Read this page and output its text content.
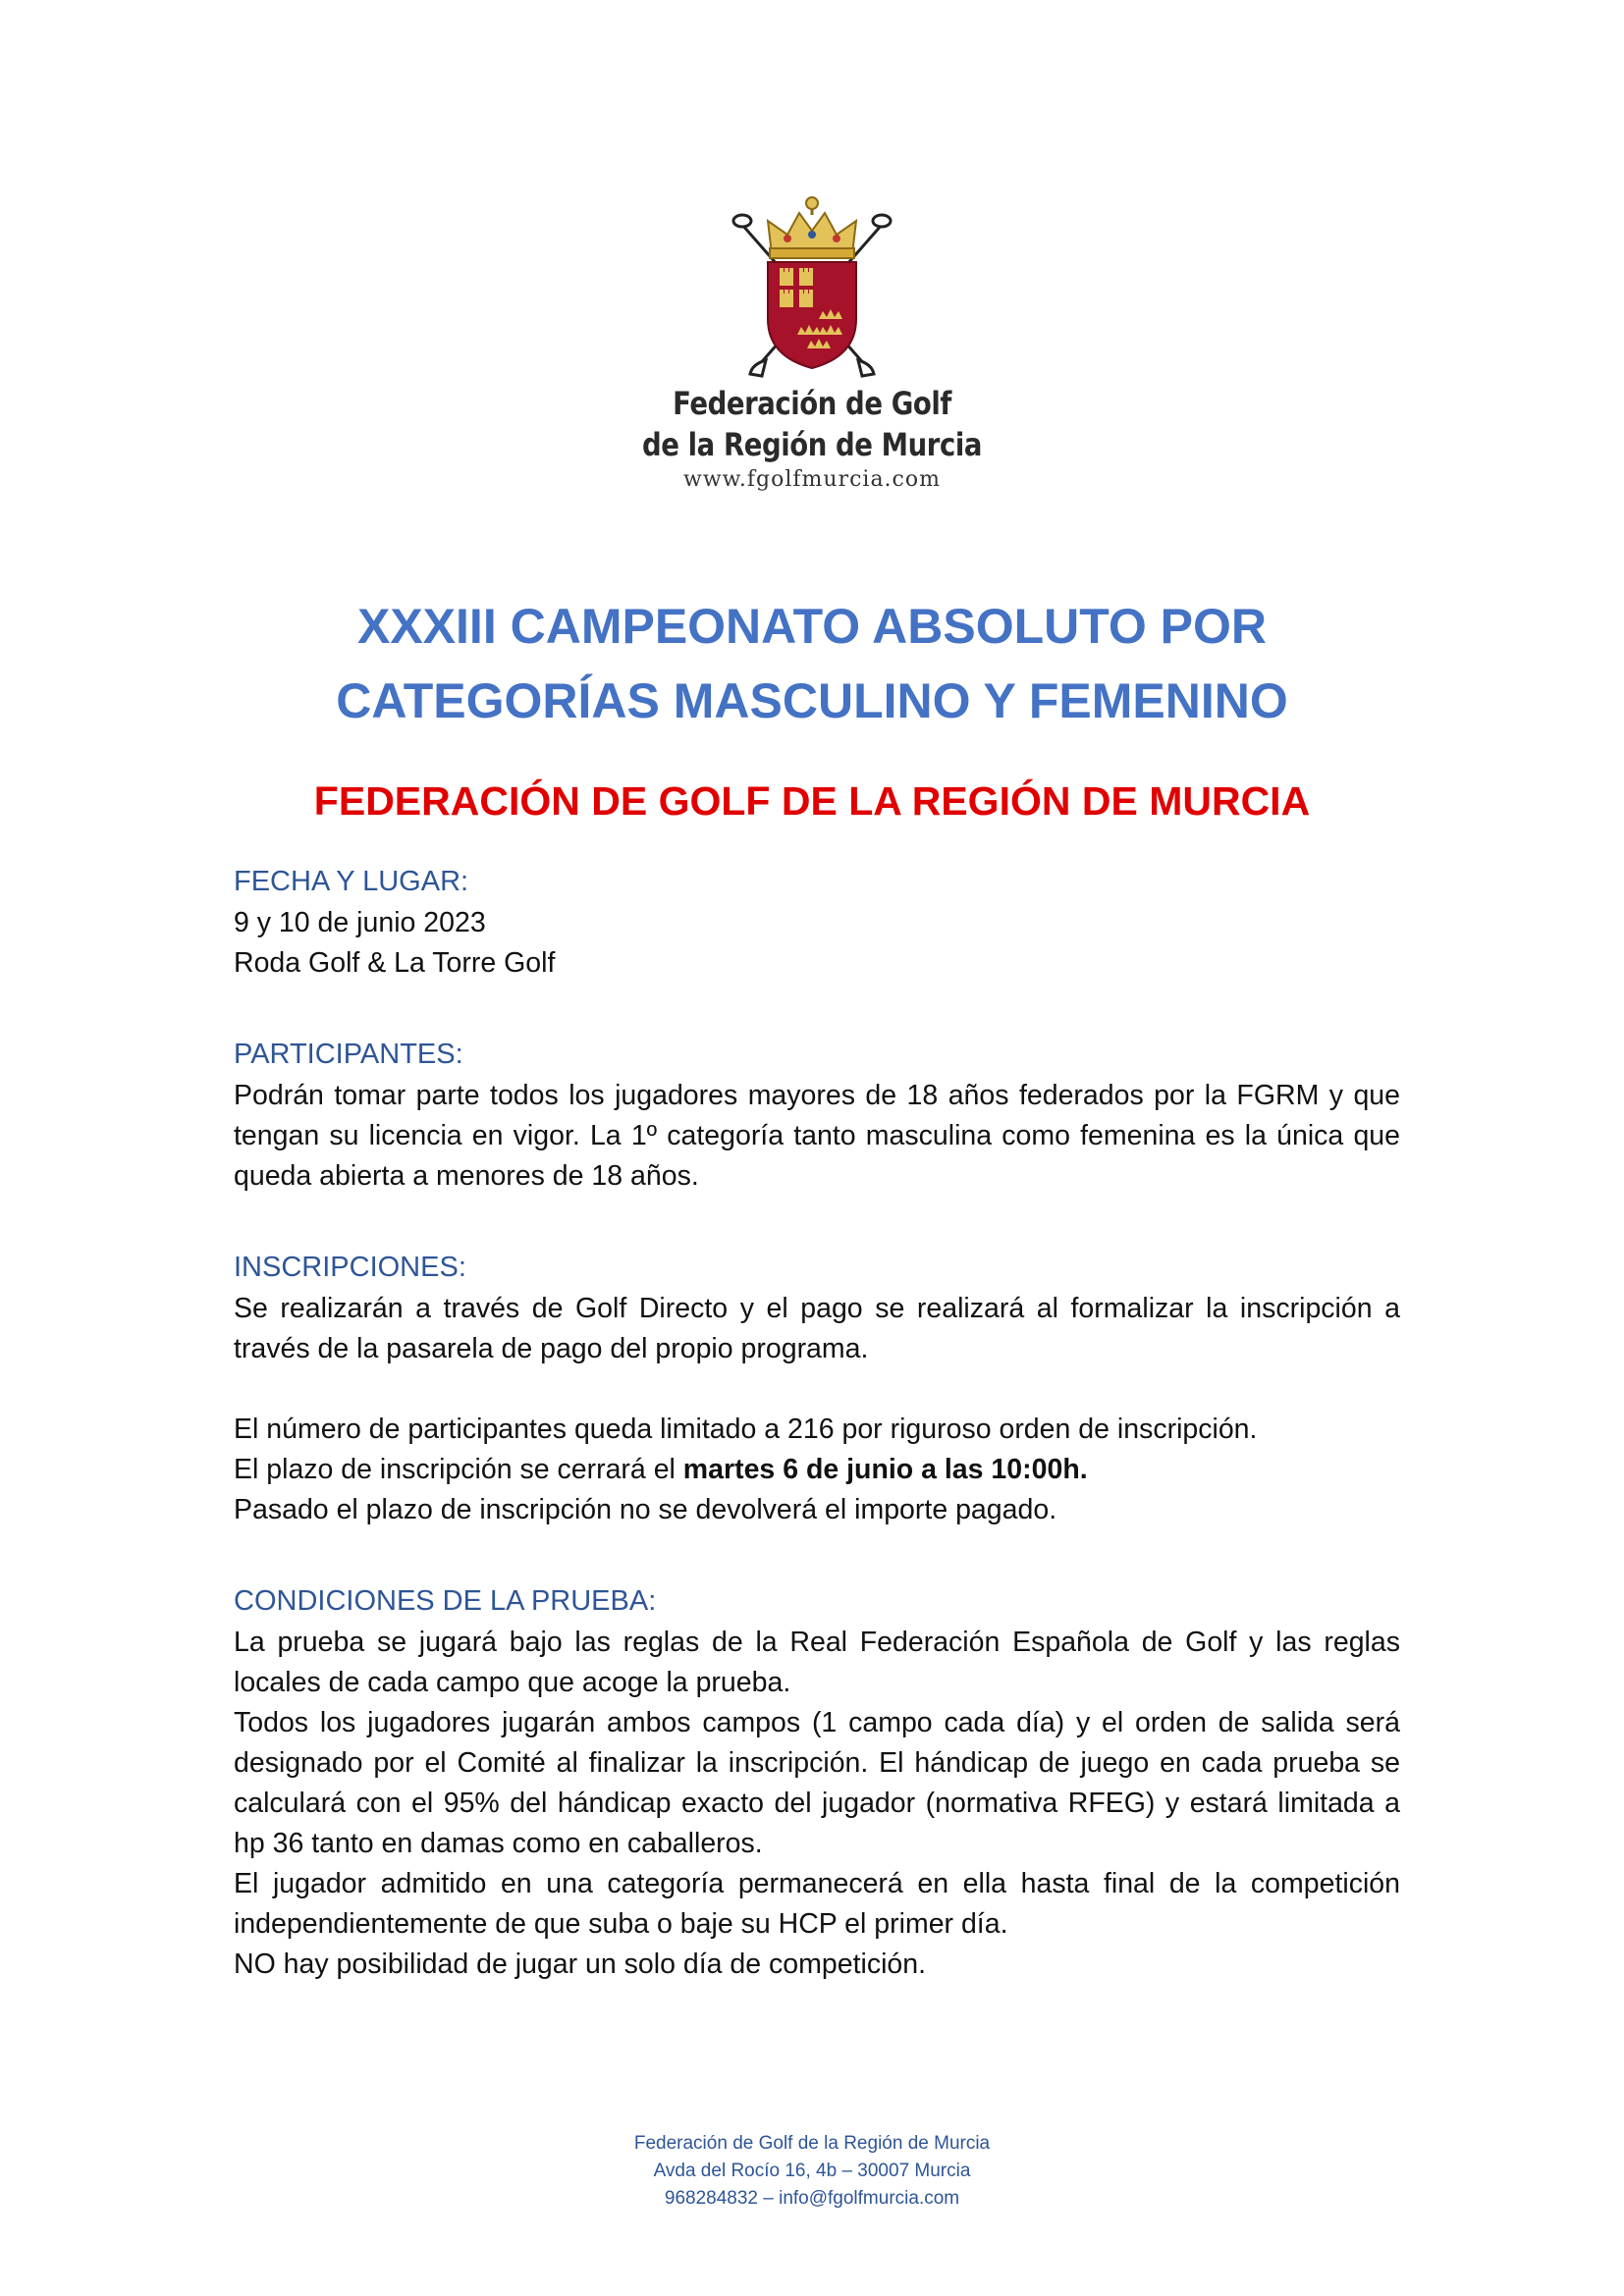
Federación de Golf
de la Región de Murcia
www.fgolfmurcia.com
XXXIII CAMPEONATO ABSOLUTO POR
CATEGORÍAS MASCULINO Y FEMENINO
FEDERACIÓN DE GOLF DE LA REGIÓN DE MURCIA

FECHA Y LUGAR:

9 y 10 de junio 2023

Roda Golf & La Torre Golf

PARTICIPANTES:

Podrán tomar parte todos los jugadores mayores de 18 años federados por la FGRM y que tengan su licencia en vigor. La 1º categoría tanto masculina como femenina es la única que queda abierta a menores de 18 años.

INSCRIPCIONES:

Se realizarán a través de Golf Directo y el pago se realizará al formalizar la inscripción a través de la pasarela de pago del propio programa.

El número de participantes queda limitado a 216 por riguroso orden de inscripción.

El plazo de inscripción se cerrará el martes 6 de junio a las 10:00h.

Pasado el plazo de inscripción no se devolverá el importe pagado.

CONDICIONES DE LA PRUEBA:

La prueba se jugará bajo las reglas de la Real Federación Española de Golf y las reglas locales de cada campo que acoge la prueba.

Todos los jugadores jugarán ambos campos (1 campo cada día) y el orden de salida será designado por el Comité al finalizar la inscripción. El hándicap de juego en cada prueba se calculará con el 95% del hándicap exacto del jugador (normativa RFEG) y estará limitada a hp 36 tanto en damas como en caballeros.

El jugador admitido en una categoría permanecerá en ella hasta final de la competición independientemente de que suba o baje su HCP el primer día.

NO hay posibilidad de jugar un solo día de competición.

Federación de Golf de la Región de Murcia
Avda del Rocío 16, 4b – 30007 Murcia
968284832 – info@fgolfmurcia.com
